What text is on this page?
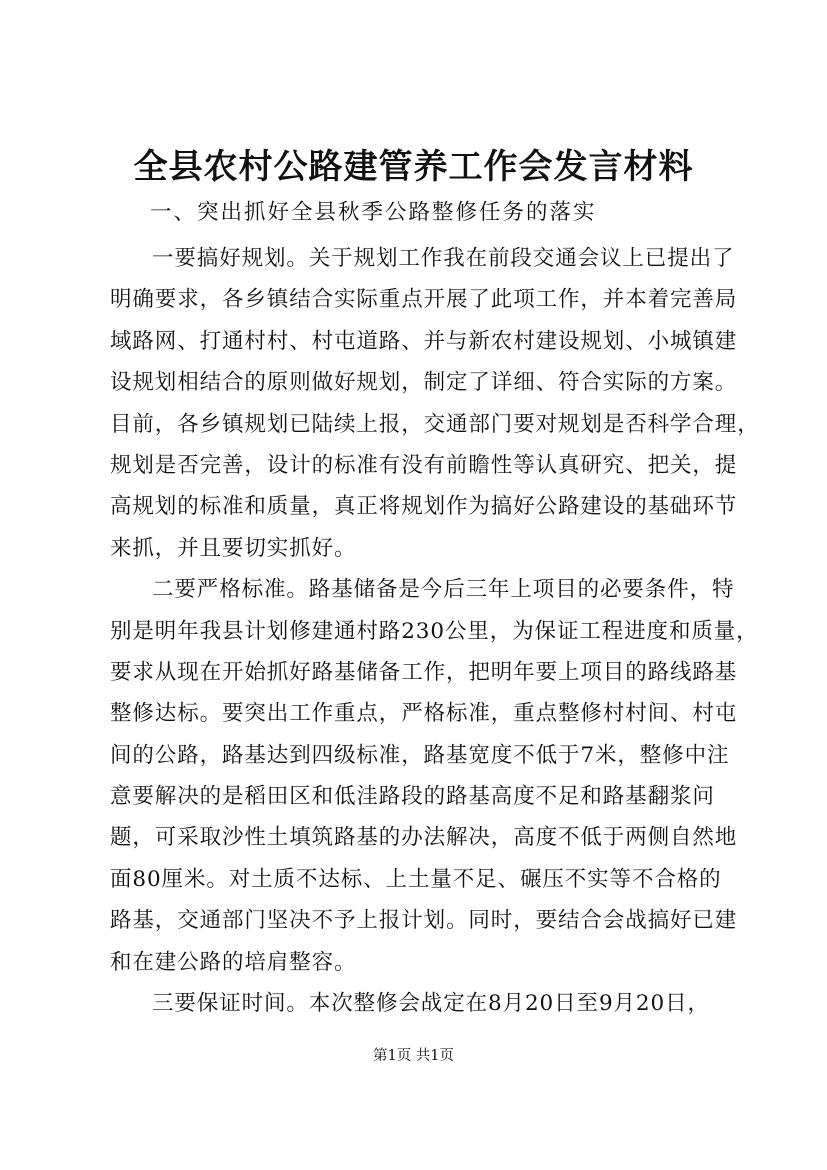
全县农村公路建管养工作会发言材料
一、突出抓好全县秋季公路整修任务的落实
一要搞好规划。关于规划工作我在前段交通会议上已提出了
明确要求，各乡镇结合实际重点开展了此项工作，并本着完善局
域路网、打通村村、村屯道路、并与新农村建设规划、小城镇建
设规划相结合的原则做好规划，制定了详细、符合实际的方案。
目前，各乡镇规划已陆续上报，交通部门要对规划是否科学合理，
规划是否完善，设计的标准有没有前瞻性等认真研究、把关，提
高规划的标准和质量，真正将规划作为搞好公路建设的基础环节
来抓，并且要切实抓好。
二要严格标准。路基储备是今后三年上项目的必要条件，特
别是明年我县计划修建通村路230公里，为保证工程进度和质量，
要求从现在开始抓好路基储备工作，把明年要上项目的路线路基
整修达标。要突出工作重点，严格标准，重点整修村村间、村屯
间的公路，路基达到四级标准，路基宽度不低于7米，整修中注
意要解决的是稻田区和低洼路段的路基高度不足和路基翻浆问
题，可采取沙性土填筑路基的办法解决，高度不低于两侧自然地
面80厘米。对土质不达标、上土量不足、碾压不实等不合格的
路基，交通部门坚决不予上报计划。同时，要结合会战搞好已建
和在建公路的培肩整容。
三要保证时间。本次整修会战定在8月20日至9月20日，
第1页 共1页
